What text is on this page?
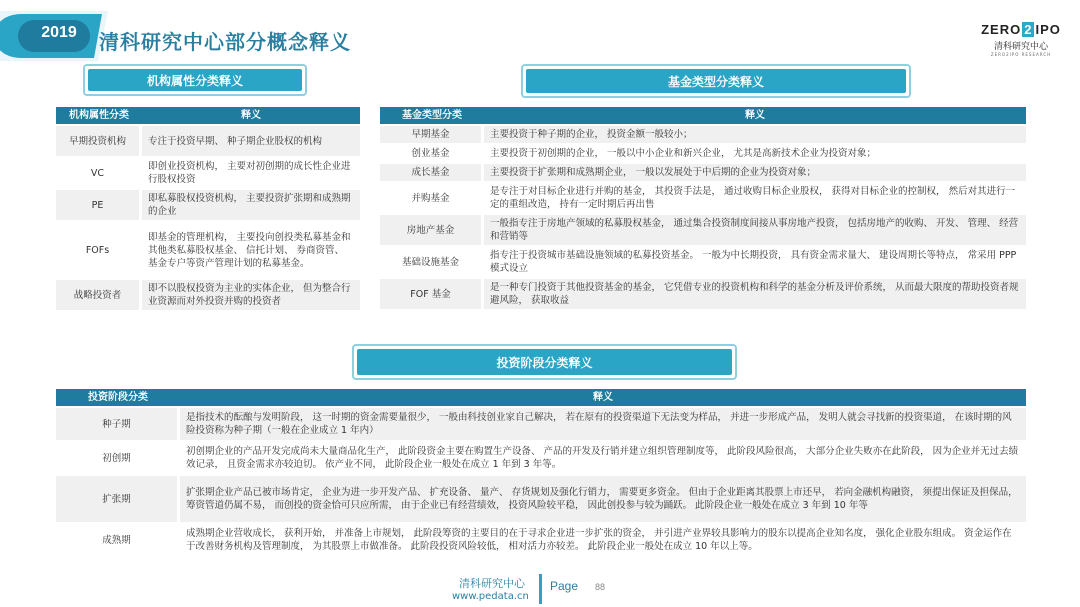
2019	清科研究中心部分概念释义
ZERO 2 IPO
清科研究中心
ZERO2IPO RESEARCH
机构属性分类释义
机构属性分类	释义
早期投资机构	专注于投资早期、 种子期企业股权的机构
VC	即创业投资机构， 主要对初创期的成长性企业进行股权投资
PE	即私募股权投资机构， 主要投资扩张期和成熟期的企业
FOFs	即基金的管理机构， 主要投向创投类私募基金和其他类私募股权基金、 信托计划、 券商资管、 基金专户等资产管理计划的私募基金。
战略投资者	即不以股权投资为主业的实体企业， 但为整合行业资源而对外投资并购的投资者
基金类型分类释义
基金类型分类	释义
早期基金	主要投资于种子期的企业， 投资金额一般较小；
创业基金	主要投资于初创期的企业， 一般以中小企业和新兴企业， 尤其是高新技术企业为投资对象；
成长基金	主要投资于扩张期和成熟期企业， 一般以发展处于中后期的企业为投资对象；
并购基金	是专注于对目标企业进行并购的基金， 其投资手法是， 通过收购目标企业股权， 获得对目标企业的控制权， 然后对其进行一定的重组改造， 持有一定时期后再出售
房地产基金	一般指专注于房地产领域的私募股权基金， 通过集合投资制度间接从事房地产投资， 包括房地产的收购、 开发、 管理、 经营和营销等
基础设施基金	指专注于投资城市基础设施领域的私募投资基金。 一般为中长期投资， 具有资金需求量大、 建设周期长等特点， 常采用 PPP 模式设立
FOF 基金	是一种专门投资于其他投资基金的基金， 它凭借专业的投资机构和科学的基金分析及评价系统， 从而最大限度的帮助投资者规避风险， 获取收益
投资阶段分类释义
投资阶段分类	释义
种子期	是指技术的酝酿与发明阶段， 这一时期的资金需要量很少， 一般由科技创业家自己解决， 若在原有的投资渠道下无法变为样品， 并进一步形成产品， 发明人就会寻找新的投资渠道， 在该时期的风险投资称为种子期（一般在企业成立 1 年内）
初创期	初创期企业的产品开发完成尚未大量商品化生产， 此阶段资金主要在购置生产设备、 产品的开发及行销并建立组织管理制度等， 此阶段风险很高， 大部分企业失败亦在此阶段， 因为企业并无过去绩效记录， 且资金需求亦较迫切。 依产业不同， 此阶段企业一般处在成立 1 年到 3 年等。
扩张期	扩张期企业产品已被市场肯定， 企业为进一步开发产品、 扩充设备、 量产、 存货规划及强化行销力， 需要更多资金。 但由于企业距离其股票上市还早， 若向金融机构融资， 须提出保证及担保品， 筹资管道仍属不易， 而创投的资金恰可只应所需， 由于企业已有经营绩效， 投资风险较平稳， 因此创投参与较为踊跃。 此阶段企业一般处在成立 3 年到 10 年等
成熟期	成熟期企业营收成长， 获利开始， 并准备上市规划， 此阶段筹资的主要目的在于寻求企业进一步扩张的资金， 并引进产业界较具影响力的股东以提高企业知名度， 强化企业股东组成。 资金运作在于改善财务机构及管理制度， 为其股票上市做准备。 此阶段投资风险较低， 相对活力亦较差。 此阶段企业一般处在成立 10 年以上等。
清科研究中心
www.pedata.cn
Page 88
